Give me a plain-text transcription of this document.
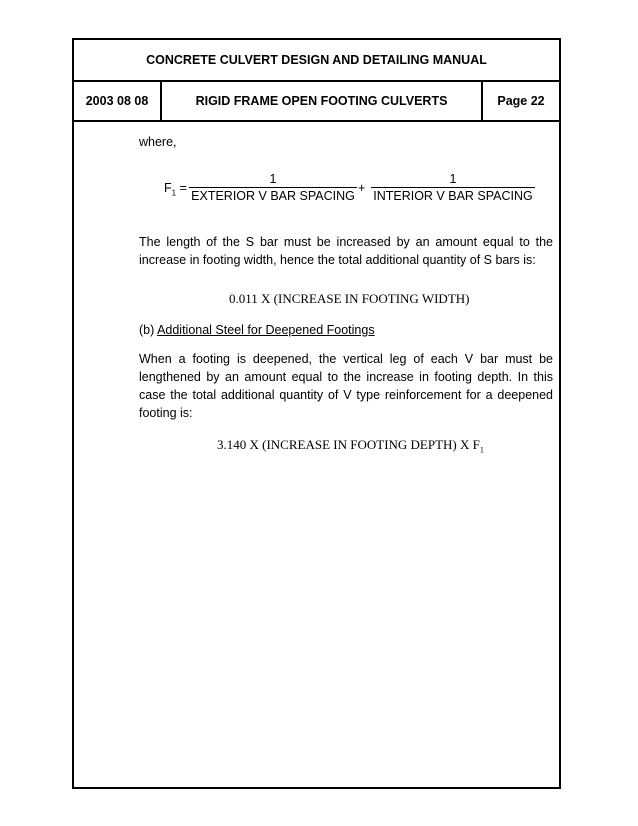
CONCRETE CULVERT DESIGN AND DETAILING MANUAL
2003 08 08	RIGID FRAME OPEN FOOTING CULVERTS	Page 22
where,
$F_1$ =
1
EXTERIOR V BAR SPACING
+
1
INTERIOR V BAR SPACING
The length of the S bar must be increased by an amount equal to the increase in footing width, hence the total additional quantity of S bars is:
0.011 X (INCREASE IN FOOTING WIDTH)
(b) Additional Steel for Deepened Footings
When a footing is deepened, the vertical leg of each V bar must be lengthened by an amount equal to the increase in footing depth. In this case the total additional quantity of V type reinforcement for a deepened footing is:
3.140 X (INCREASE IN FOOTING DEPTH) X $F_1$
